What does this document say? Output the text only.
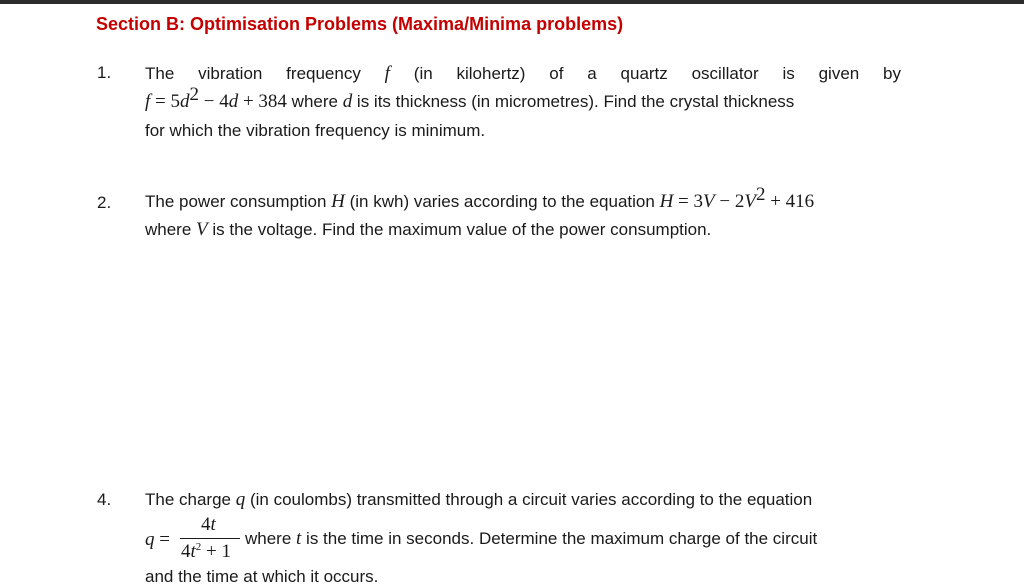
Section B: Optimisation Problems (Maxima/Minima problems)
1. The vibration frequency f (in kilohertz) of a quartz oscillator is given by
$f = 5d^2 - 4d + 384$ where d is its thickness (in micrometres). Find the crystal thickness
for which the vibration frequency is minimum.
2. The power consumption H (in kwh) varies according to the equation $H = 3V - 2V^2 + 416$
where V is the voltage. Find the maximum value of the power consumption.
4. The charge q (in coulombs) transmitted through a circuit varies according to the equation
q =
4t
$4t^2 + 1$
where t is the time in seconds. Determine the maximum charge of the circuit
and the time at which it occurs.
